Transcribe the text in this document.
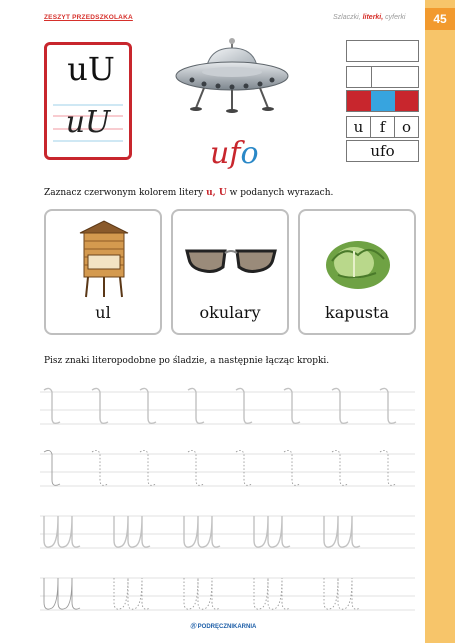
45
ZESZYT PRZEDSZKOLAKA	Szlaczki, literki, cyferki
uU
uU
ufo
u	f	o
ufo
Zaznacz czerwonym kolorem litery u, U w podanych wyrazach.
ul	okulary	kapusta
Pisz znaki literopodobne po śladzie, a następnie łącząc kropki.
Ⓡ PODRĘCZNIKARNIA
